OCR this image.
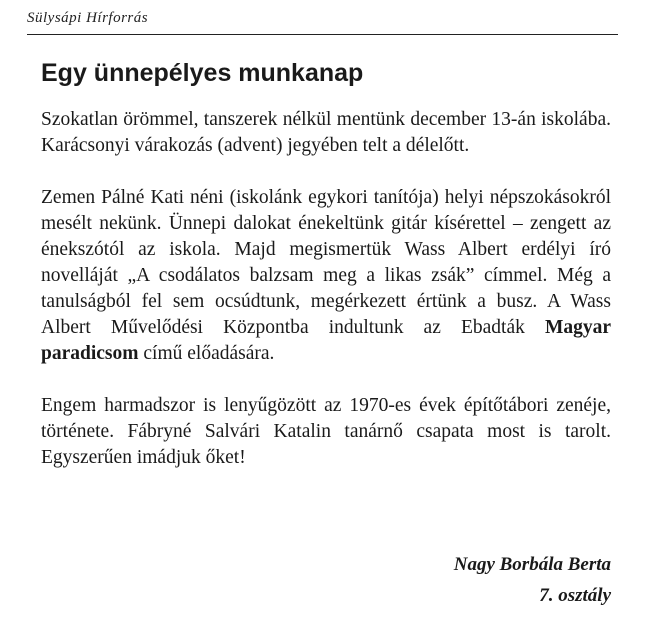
Sülysápi Hírforrás
Egy ünnepélyes munkanap

Szokatlan örömmel, tanszerek nélkül mentünk december 13-án iskolába. Karácsonyi várakozás (advent) jegyében telt a délelőtt.

Zemen Pálné Kati néni (iskolánk egykori tanítója) helyi népszokásokról mesélt nekünk. Ünnepi dalokat énekeltünk gitár kísérettel – zengett az énekszótól az iskola. Majd megismertük Wass Albert erdélyi író novelláját „A csodálatos balzsam meg a likas zsák” címmel. Még a tanulságból fel sem ocsúdtunk, megérkezett értünk a busz. A Wass Albert Művelődési Központba indultunk az Ebadták Magyar paradicsom című előadására.

Engem harmadszor is lenyűgözött az 1970-es évek építőtábori zenéje, története. Fábryné Salvári Katalin tanárnő csapata most is tarolt. Egyszerűen imádjuk őket!

Nagy Borbála Berta

7. osztály
